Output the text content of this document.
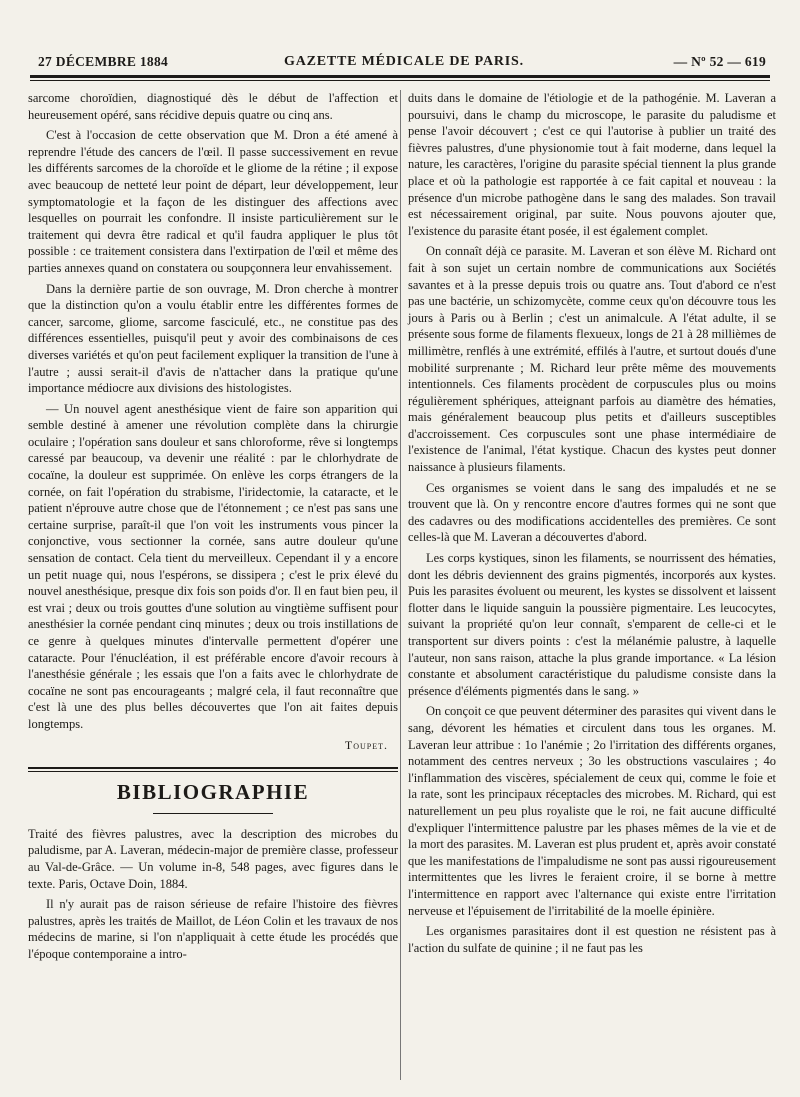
27 DÉCEMBRE 1884	GAZETTE MÉDICALE DE PARIS.	— Nº 52 — 619

sarcome choroïdien, diagnostiqué dès le début de l'affection et heureusement opéré, sans récidive depuis quatre ou cinq ans.

C'est à l'occasion de cette observation que M. Dron a été amené à reprendre l'étude des cancers de l'œil. Il passe successivement en revue les différents sarcomes de la choroïde et le gliome de la rétine ; il expose avec beaucoup de netteté leur point de départ, leur développement, leur symptomatologie et la façon de les distinguer des affections avec lesquelles on pourrait les confondre. Il insiste particulièrement sur le traitement qui devra être radical et qu'il faudra appliquer le plus tôt possible : ce traitement consistera dans l'extirpation de l'œil et même des parties annexes quand on constatera ou soupçonnera leur envahissement.

Dans la dernière partie de son ouvrage, M. Dron cherche à montrer que la distinction qu'on a voulu établir entre les différentes formes de cancer, sarcome, gliome, sarcome fasciculé, etc., ne constitue pas des différences essentielles, puisqu'il peut y avoir des combinaisons de ces diverses variétés et qu'on peut facilement expliquer la transition de l'une à l'autre ; aussi serait-il d'avis de n'attacher dans la pratique qu'une importance médiocre aux divisions des histologistes.

— Un nouvel agent anesthésique vient de faire son apparition qui semble destiné à amener une révolution complète dans la chirurgie oculaire ; l'opération sans douleur et sans chloroforme, rêve si longtemps caressé par beaucoup, va devenir une réalité : par le chlorhydrate de cocaïne, la douleur est supprimée. On enlève les corps étrangers de la cornée, on fait l'opération du strabisme, l'iridectomie, la cataracte, et le patient n'éprouve autre chose que de l'étonnement ; ce n'est pas sans une certaine surprise, paraît-il que l'on voit les instruments vous pincer la conjonctive, vous sectionner la cornée, sans autre douleur qu'une sensation de contact. Cela tient du merveilleux. Cependant il y a encore un petit nuage qui, nous l'espérons, se dissipera ; c'est le prix élevé du nouvel anesthésique, presque dix fois son poids d'or. Il en faut bien peu, il est vrai ; deux ou trois gouttes d'une solution au vingtième suffisent pour anesthésier la cornée pendant cinq minutes ; deux ou trois instillations de ce genre à quelques minutes d'intervalle permettent d'opérer une cataracte. Pour l'énucléation, il est préférable encore d'avoir recours à l'anesthésie générale ; les essais que l'on a faits avec le chlorhydrate de cocaïne ne sont pas encourageants ; malgré cela, il faut reconnaître que c'est là une des plus belles découvertes que l'on ait faites depuis longtemps.

Toupet.
BIBLIOGRAPHIE

Traité des fièvres palustres, avec la description des microbes du paludisme, par A. Laveran, médecin-major de première classe, professeur au Val-de-Grâce. — Un volume in-8, 548 pages, avec figures dans le texte. Paris, Octave Doin, 1884.

Il n'y aurait pas de raison sérieuse de refaire l'histoire des fièvres palustres, après les traités de Maillot, de Léon Colin et les travaux de nos médecins de marine, si l'on n'appliquait à cette étude les procédés que l'époque contemporaine a intro-

duits dans le domaine de l'étiologie et de la pathogénie. M. Laveran a poursuivi, dans le champ du microscope, le parasite du paludisme et pense l'avoir découvert ; c'est ce qui l'autorise à publier un traité des fièvres palustres, d'une physionomie tout à fait moderne, dans lequel la nature, les caractères, l'origine du parasite spécial tiennent la plus grande place et où la pathologie est rapportée à ce fait capital et nouveau : la présence d'un microbe pathogène dans le sang des malades. Son travail est nécessairement original, par suite. Nous pouvons ajouter que, l'existence du parasite étant posée, il est également complet.

On connaît déjà ce parasite. M. Laveran et son élève M. Richard ont fait à son sujet un certain nombre de communications aux Sociétés savantes et à la presse depuis trois ou quatre ans. Tout d'abord ce n'est pas une bactérie, un schizomycète, comme ceux qu'on découvre tous les jours à Paris ou à Berlin ; c'est un animalcule. A l'état adulte, il se présente sous forme de filaments flexueux, longs de 21 à 28 millièmes de millimètre, renflés à une extrémité, effilés à l'autre, et surtout doués d'une mobilité surprenante ; M. Richard leur prête même des mouvements intentionnels. Ces filaments procèdent de corpuscules plus ou moins régulièrement sphériques, atteignant parfois au diamètre des hématies, mais généralement beaucoup plus petits et d'ailleurs susceptibles d'accroissement. Ces corpuscules sont une phase intermédiaire de l'existence de l'animal, l'état kystique. Chacun des kystes peut donner naissance à plusieurs filaments.

Ces organismes se voient dans le sang des impaludés et ne se trouvent que là. On y rencontre encore d'autres formes qui ne sont que des cadavres ou des modifications accidentelles des premières. Ce sont celles-là que M. Laveran a découvertes d'abord.

Les corps kystiques, sinon les filaments, se nourrissent des hématies, dont les débris deviennent des grains pigmentés, incorporés aux kystes. Puis les parasites évoluent ou meurent, les kystes se dissolvent et laissent flotter dans le liquide sanguin la poussière pigmentaire. Les leucocytes, suivant la propriété qu'on leur connaît, s'emparent de celle-ci et le transportent sur divers points : c'est la mélanémie palustre, à laquelle l'auteur, non sans raison, attache la plus grande importance. « La lésion constante et absolument caractéristique du paludisme consiste dans la présence d'éléments pigmentés dans le sang. »

On conçoit ce que peuvent déterminer des parasites qui vivent dans le sang, dévorent les hématies et circulent dans tous les organes. M. Laveran leur attribue : 1o l'anémie ; 2o l'irritation des différents organes, notamment des centres nerveux ; 3o les obstructions vasculaires ; 4o l'inflammation des viscères, spécialement de ceux qui, comme le foie et la rate, sont les principaux réceptacles des microbes. M. Richard, qui est naturellement un peu plus royaliste que le roi, ne fait aucune difficulté d'expliquer l'intermittence palustre par les phases mêmes de la vie et de la mort des parasites. M. Laveran est plus prudent et, après avoir constaté que les manifestations de l'impaludisme ne sont pas aussi rigoureusement intermittentes que les livres le feraient croire, il se borne à mettre l'intermittence en rapport avec l'alternance qui existe entre l'irritation nerveuse et l'épuisement de l'irritabilité de la moelle épinière.

Les organismes parasitaires dont il est question ne résistent pas à l'action du sulfate de quinine ; il ne faut pas les
